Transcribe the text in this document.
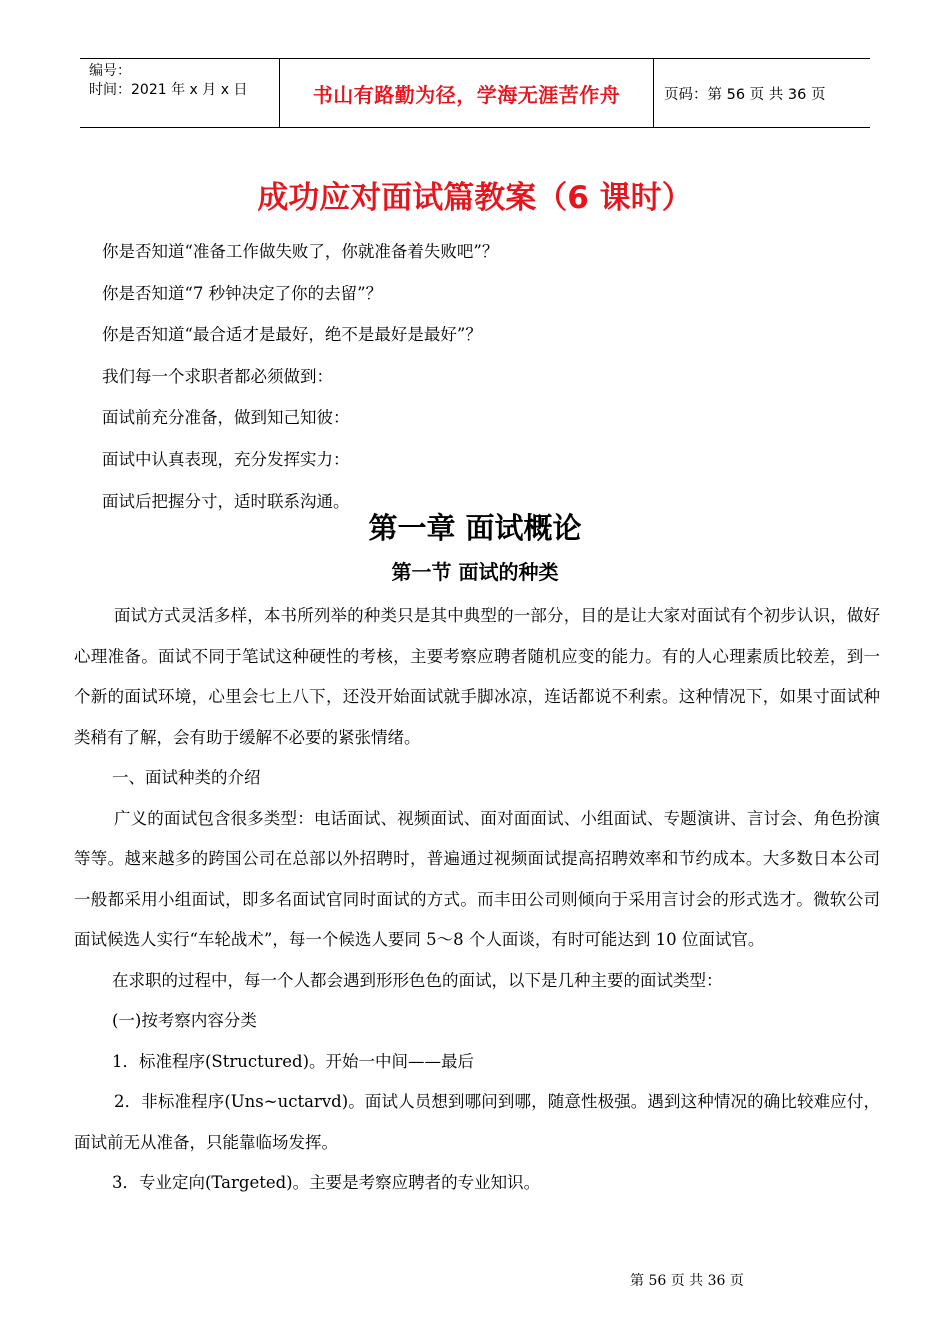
编号：
时间：2021 年 x 月 x 日	书山有路勤为径，学海无涯苦作舟	页码：第 56 页 共 36 页
成功应对面试篇教案（6 课时）

你是否知道“准备工作做失败了，你就准备着失败吧”？

你是否知道“7 秒钟决定了你的去留”？

你是否知道“最合适才是最好，绝不是最好是最好”？

我们每一个求职者都必须做到：

面试前充分准备，做到知己知彼：

面试中认真表现，充分发挥实力：

面试后把握分寸，适时联系沟通。

第一章 面试概论
第一节 面试的种类

面试方式灵活多样，本书所列举的种类只是其中典型的一部分，目的是让大家对面试有个初步认识，做好心理准备。面试不同于笔试这种硬性的考核，主要考察应聘者随机应变的能力。有的人心理素质比较差，到一个新的面试环境，心里会七上八下，还没开始面试就手脚冰凉，连话都说不利索。这种情况下，如果寸面试种类稍有了解，会有助于缓解不必要的紧张情绪。

一、面试种类的介绍

广义的面试包含很多类型：电话面试、视频面试、面对面面试、小组面试、专题演讲、言讨会、角色扮演等等。越来越多的跨国公司在总部以外招聘时，普遍通过视频面试提高招聘效率和节约成本。大多数日本公司一般都采用小组面试，即多名面试官同时面试的方式。而丰田公司则倾向于采用言讨会的形式选才。微软公司面试候选人实行“车轮战术”，每一个候选人要同 5～8 个人面谈，有时可能达到 10 位面试官。

在求职的过程中，每一个人都会遇到形形色色的面试，以下是几种主要的面试类型：

(一)按考察内容分类

1．标准程序(Structured)。开始一中间——最后

2．非标准程序(Uns~uctarvd)。面试人员想到哪问到哪，随意性极强。遇到这种情况的确比较难应付，面试前无从准备，只能靠临场发挥。

3．专业定向(Targeted)。主要是考察应聘者的专业知识。

第 56 页 共 36 页
